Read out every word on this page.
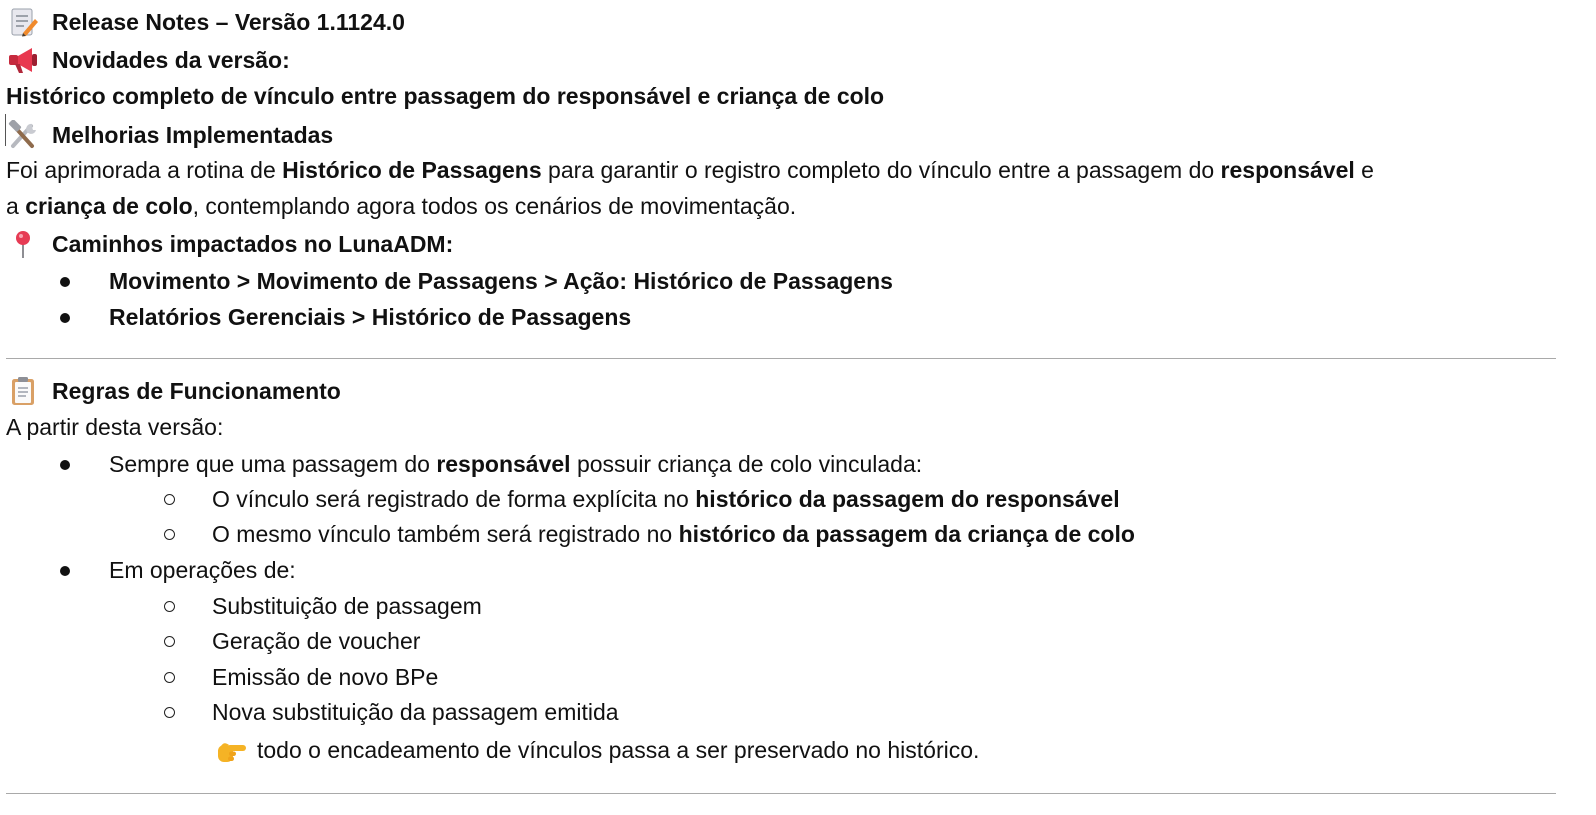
Release Notes – Versão 1.1124.0
Novidades da versão:
Histórico completo de vínculo entre passagem do responsável e criança de colo
Melhorias Implementadas
Foi aprimorada a rotina de Histórico de Passagens para garantir o registro completo do vínculo entre a passagem do responsável e
a criança de colo, contemplando agora todos os cenários de movimentação.
Caminhos impactados no LunaADM:
Movimento > Movimento de Passagens > Ação: Histórico de Passagens
Relatórios Gerenciais > Histórico de Passagens
Regras de Funcionamento
A partir desta versão:
Sempre que uma passagem do responsável possuir criança de colo vinculada:
O vínculo será registrado de forma explícita no histórico da passagem do responsável
O mesmo vínculo também será registrado no histórico da passagem da criança de colo
Em operações de:
Substituição de passagem
Geração de voucher
Emissão de novo BPe
Nova substituição da passagem emitida
todo o encadeamento de vínculos passa a ser preservado no histórico.
